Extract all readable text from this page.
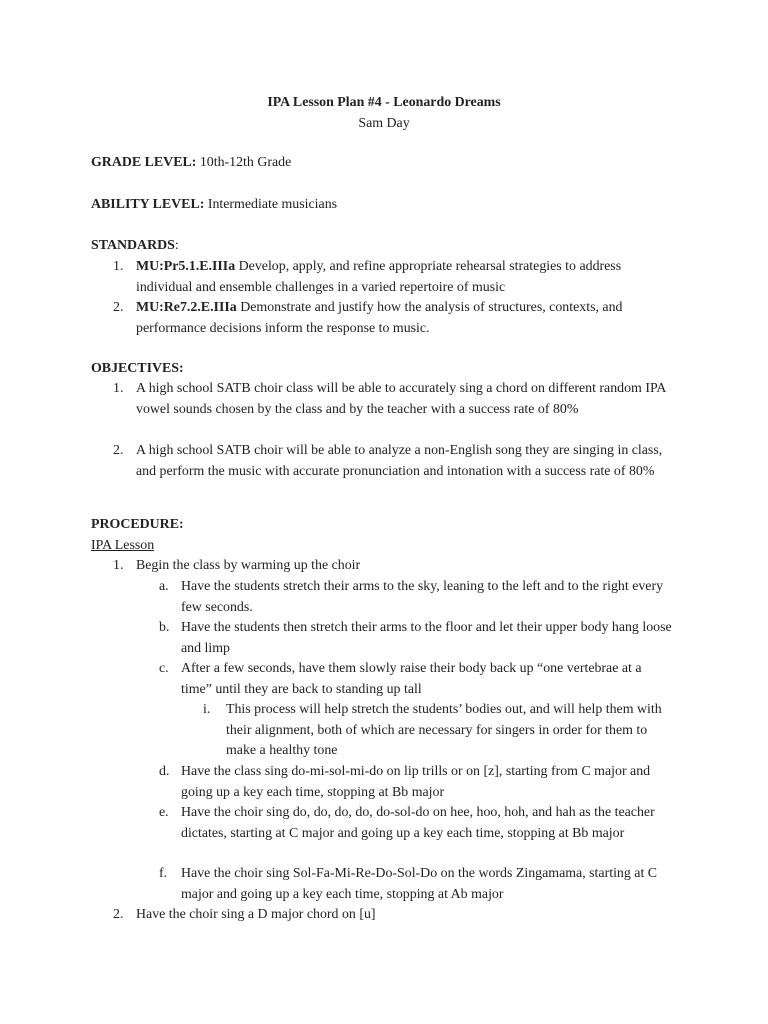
IPA Lesson Plan #4 - Leonardo Dreams
Sam Day
GRADE LEVEL: 10th-12th Grade
ABILITY LEVEL: Intermediate musicians
STANDARDS:
1. MU:Pr5.1.E.IIIa Develop, apply, and refine appropriate rehearsal strategies to address individual and ensemble challenges in a varied repertoire of music
2. MU:Re7.2.E.IIIa Demonstrate and justify how the analysis of structures, contexts, and performance decisions inform the response to music.
OBJECTIVES:
1. A high school SATB choir class will be able to accurately sing a chord on different random IPA vowel sounds chosen by the class and by the teacher with a success rate of 80%
2. A high school SATB choir will be able to analyze a non-English song they are singing in class, and perform the music with accurate pronunciation and intonation with a success rate of 80%
PROCEDURE:
IPA Lesson
1. Begin the class by warming up the choir
a. Have the students stretch their arms to the sky, leaning to the left and to the right every few seconds.
b. Have the students then stretch their arms to the floor and let their upper body hang loose and limp
c. After a few seconds, have them slowly raise their body back up “one vertebrae at a time” until they are back to standing up tall
i. This process will help stretch the students’ bodies out, and will help them with their alignment, both of which are necessary for singers in order for them to make a healthy tone
d. Have the class sing do-mi-sol-mi-do on lip trills or on [z], starting from C major and going up a key each time, stopping at Bb major
e. Have the choir sing do, do, do, do, do-sol-do on hee, hoo, hoh, and hah as the teacher dictates, starting at C major and going up a key each time, stopping at Bb major
f. Have the choir sing Sol-Fa-Mi-Re-Do-Sol-Do on the words Zingamama, starting at C major and going up a key each time, stopping at Ab major
2. Have the choir sing a D major chord on [u]
